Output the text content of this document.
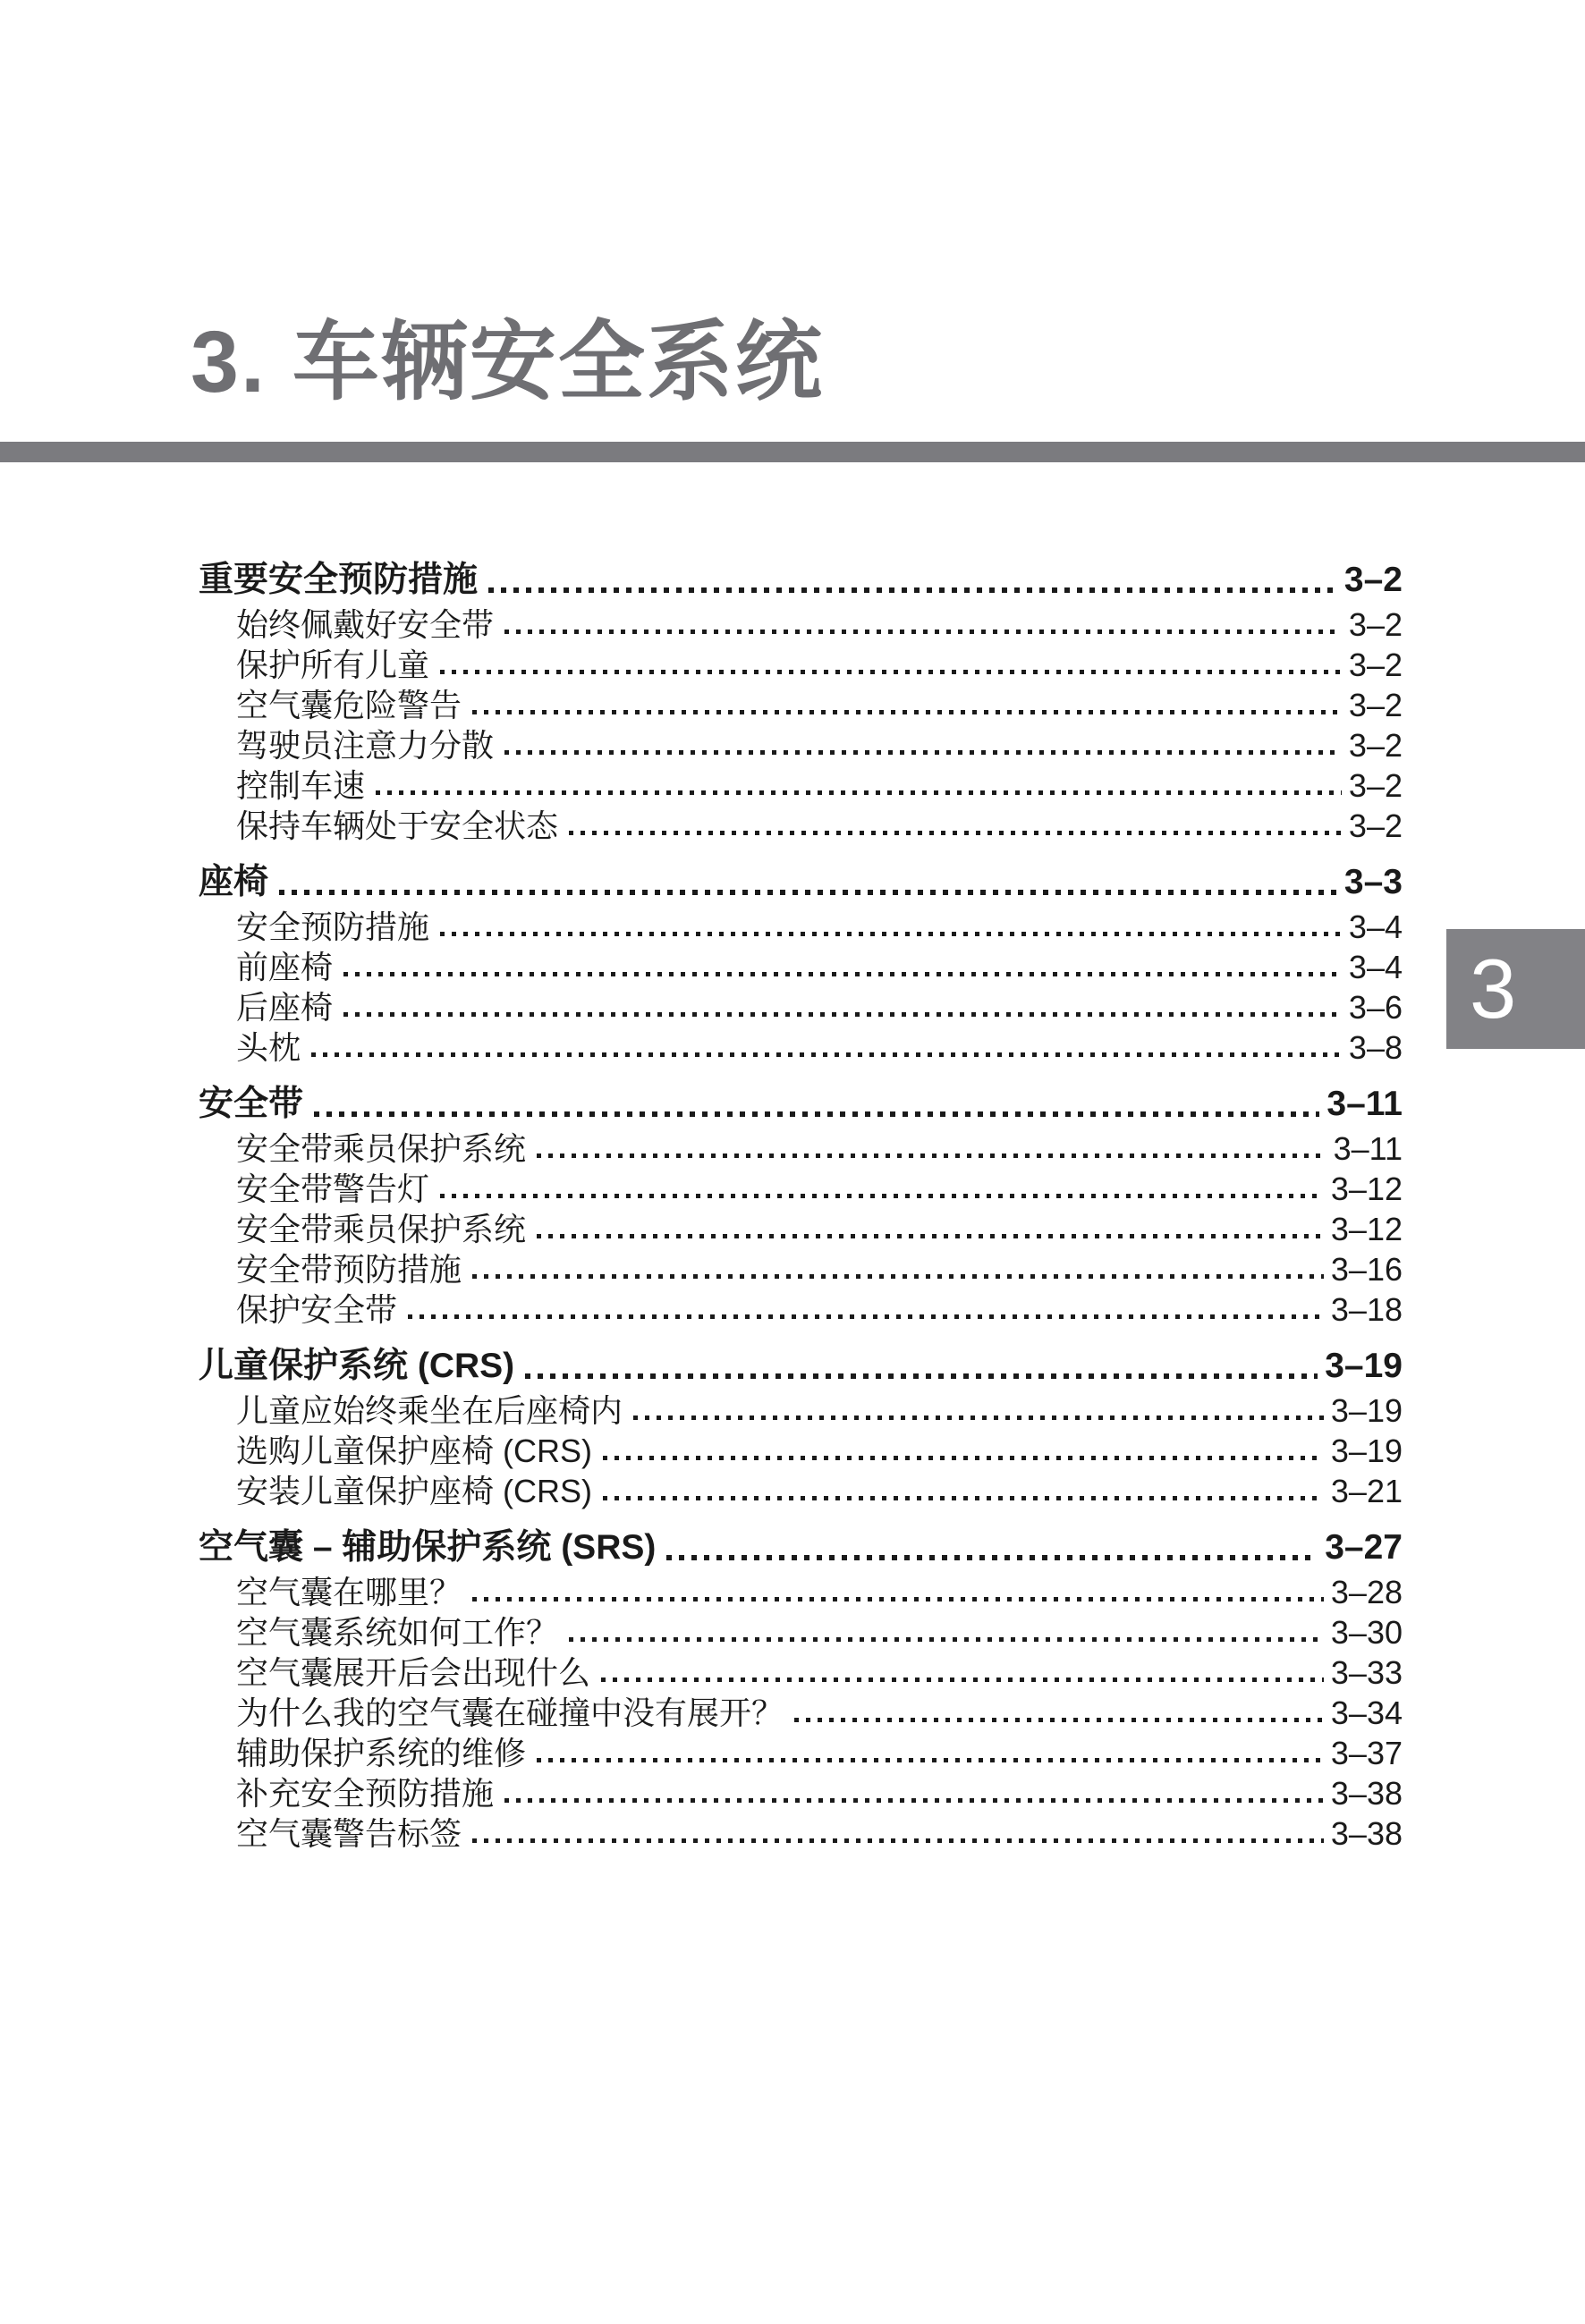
3. 车辆安全系统
3
重要安全预防措施	3–2
始终佩戴好安全带	3–2
保护所有儿童	3–2
空气囊危险警告	3–2
驾驶员注意力分散	3–2
控制车速	3–2
保持车辆处于安全状态	3–2
座椅	3–3
安全预防措施	3–4
前座椅	3–4
后座椅	3–6
头枕	3–8
安全带	3–11
安全带乘员保护系统	3–11
安全带警告灯	3–12
安全带乘员保护系统	3–12
安全带预防措施	3–16
保护安全带	3–18
儿童保护系统 (CRS)	3–19
儿童应始终乘坐在后座椅内	3–19
选购儿童保护座椅 (CRS)	3–19
安装儿童保护座椅 (CRS)	3–21
空气囊 – 辅助保护系统 (SRS)	3–27
空气囊在哪里？	3–28
空气囊系统如何工作？	3–30
空气囊展开后会出现什么	3–33
为什么我的空气囊在碰撞中没有展开？	3–34
辅助保护系统的维修	3–37
补充安全预防措施	3–38
空气囊警告标签	3–38
